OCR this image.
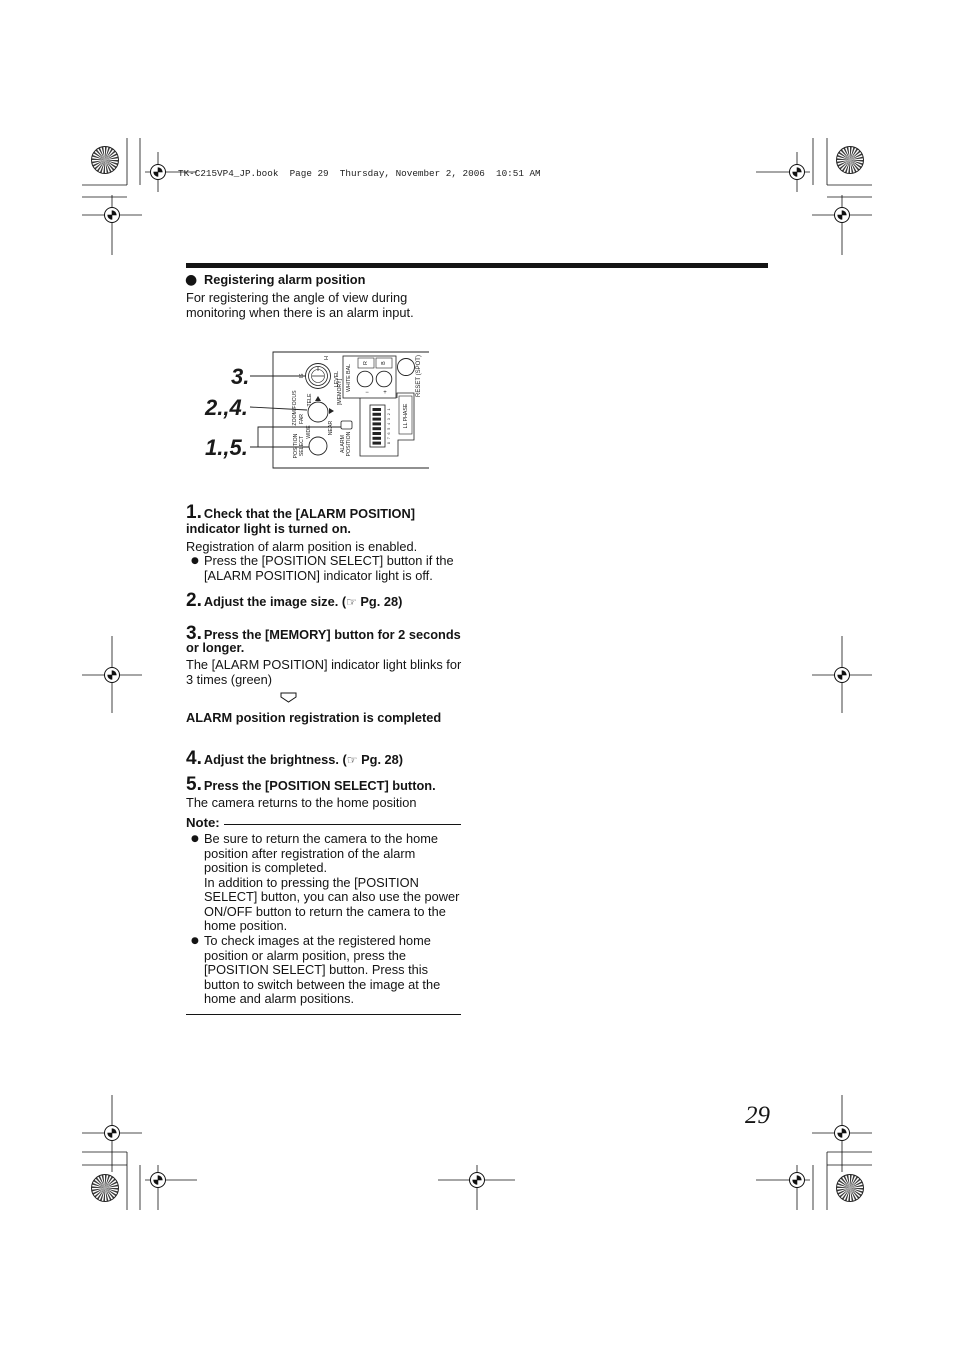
TK-C215VP4_JP.book  Page 29  Thursday, November 2, 2006  10:51 AM
● Registering alarm position
For registering the angle of view during
monitoring when there is an alarm input.
3.
2.,4.
1.,5.
IS
H
LEVEL WHITE BAL
R B
− +	RESET (SPOT)
TELE
ZOOM/FOCUS FAR
[MEMORY]
NEAR
WIDE
ALARM POSITION
1
2
3
4
5
6
7
8
LL PHASE
POSITION SELECT
1. Check that the [ALARM POSITION]
indicator light is turned on.
Registration of alarm position is enabled.
● Press the [POSITION SELECT] button if the
[ALARM POSITION] indicator light is off.
2. Adjust the image size. (☞ Pg. 28)
3. Press the [MEMORY] button for 2 seconds
or longer.
The [ALARM POSITION] indicator light blinks for
3 times (green)
ALARM position registration is completed
4. Adjust the brightness. (☞ Pg. 28)
5. Press the [POSITION SELECT] button.
The camera returns to the home position
Note:
● Be sure to return the camera to the home
position after registration of the alarm
position is completed.
In addition to pressing the [POSITION
SELECT] button, you can also use the power
ON/OFF button to return the camera to the
home position.
● To check images at the registered home
position or alarm position, press the
[POSITION SELECT] button. Press this
button to switch between the image at the
home and alarm positions.
29
